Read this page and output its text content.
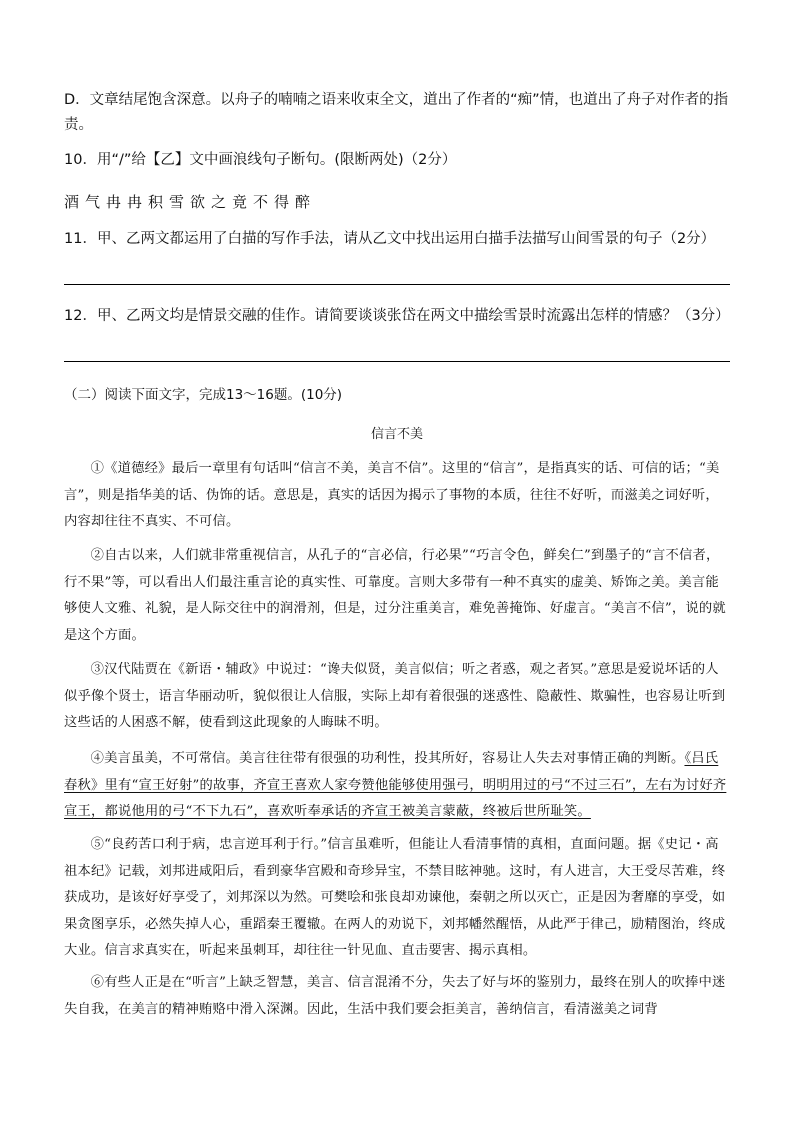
D．文章结尾饱含深意。以舟子的喃喃之语来收束全文，道出了作者的“痴”情，也道出了舟子对作者的指责。
10．用“/”给【乙】文中画浪线句子断句。(限断两处)（2分）
酒气冉冉积雪欲之竟不得醉
11．甲、乙两文都运用了白描的写作手法，请从乙文中找出运用白描手法描写山间雪景的句子（2分）
12．甲、乙两文均是情景交融的佳作。请简要谈谈张岱在两文中描绘雪景时流露出怎样的情感？（3分）
（二）阅读下面文字，完成13～16题。(10分)
信言不美
①《道德经》最后一章里有句话叫“信言不美，美言不信”。这里的“信言”，是指真实的话、可信的话；“美言”，则是指华美的话、伪饰的话。意思是，真实的话因为揭示了事物的本质，往往不好听，而滋美之词好听，内容却往往不真实、不可信。
②自古以来，人们就非常重视信言，从孔子的“言必信，行必果”“巧言令色，鲜矣仁”到墨子的“言不信者，行不果”等，可以看出人们最注重言论的真实性、可靠度。言则大多带有一种不真实的虚美、矫饰之美。美言能够使人文雅、礼貌，是人际交往中的润滑剂，但是，过分注重美言，难免善掩饰、好虚言。“美言不信”，说的就是这个方面。
③汉代陆贾在《新语・辅政》中说过：“谗夫似贤，美言似信；听之者惑，观之者冥。”意思是爱说坏话的人似乎像个贤士，语言华丽动听，貌似很让人信服，实际上却有着很强的迷惑性、隐蔽性、欺骗性，也容易让听到这些话的人困惑不解，使看到这此现象的人晦昧不明。
④美言虽美，不可常信。美言往往带有很强的功利性，投其所好，容易让人失去对事情正确的判断。《吕氏春秋》里有“宣王好射”的故事，齐宣王喜欢人家夸赞他能够使用强弓，明明用过的弓“不过三石”，左右为讨好齐宣王，都说他用的弓“不下九石”，喜欢听奉承话的齐宣王被美言蒙蔽，终被后世所耻笑。
⑤“良药苦口利于病，忠言逆耳利于行。”信言虽难听，但能让人看清事情的真相，直面问题。据《史记・高祖本纪》记载，刘邦进咸阳后，看到豪华宫殿和奇珍异宝，不禁目眩神驰。这时，有人进言，大王受尽苦难，终获成功，是该好好享受了，刘邦深以为然。可樊哙和张良却劝谏他，秦朝之所以灭亡，正是因为奢靡的享受，如果贪图享乐，必然失掉人心，重蹈秦王覆辙。在两人的劝说下，刘邦幡然醒悟，从此严于律己，励精图治，终成大业。信言求真实在，听起来虽刺耳，却往往一针见血、直击要害、揭示真相。
⑥有些人正是在“听言”上缺乏智慧，美言、信言混淆不分，失去了好与坏的鉴别力，最终在别人的吹捧中迷失自我，在美言的精神贿赂中滑入深渊。因此，生活中我们要会拒美言，善纳信言，看清滋美之词背
